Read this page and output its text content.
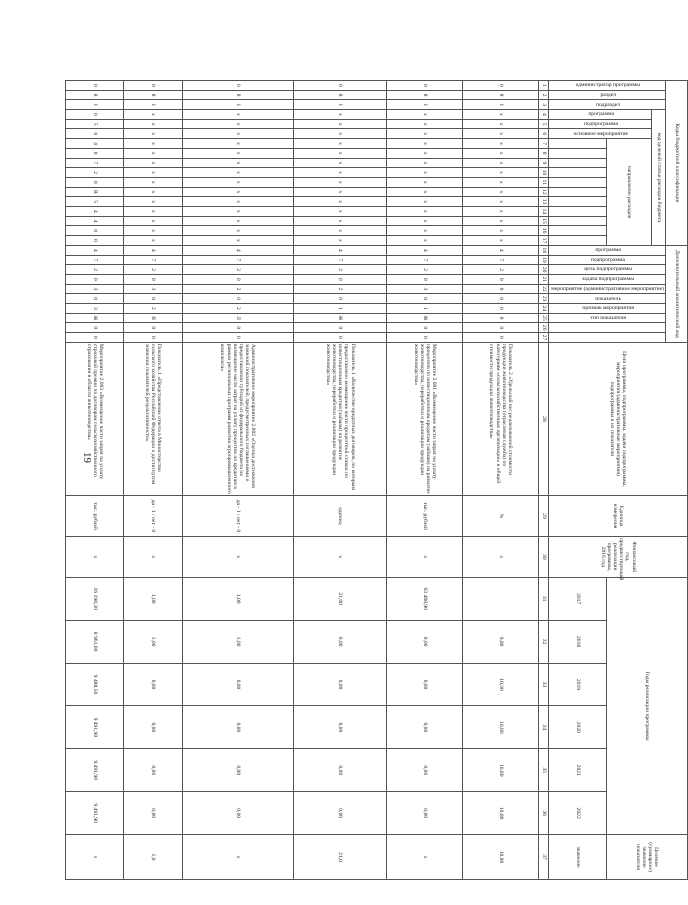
19
Коды бюджетной классификации																	Дополнительный аналитический код										Цели программы, подпрограммы, задачи подпрограммы, мероприятия (административные мероприятия) подпрограммы и их показатели	Единица измерения	Финансовый год, предшествующий реализации программы, 2016 год	Годы реализации программы						Целевое (суммарное) значение показателя
администратор программы	раздел	подраздел	код целевой статьи расходов бюджета														программа	подпрограмма	цель подпрограммы	задача подпрограммы	мероприятие (административное мероприятие)	показатель	признак мероприятия	тип показателя												
			программа	подпрограмма	основное мероприятие	направление расходов																														
																														2017	2018	2019	2020	2021	2022	значение
1	2	3	4	5	6	7	8	9	10	11	12	13	14	15	16	17	18	19	20	21	22	23	24	25	26	27	28	29	30	31	32	33	34	35	36	37
0	8	1	x	x	x	x	x	x	x	x	x	x	x	x	x	x	4	7	2	0	0	0	0	0	0	0	Показатель 2 «Удельный вес реализованной стоимости продукции животноводства (отраслевая служба) по категориям «сельскохозяйственные организации» в общей стоимости продукции животноводства»	%	x		9,80	10,30	10,80	10,80	10,80	10,80
0	8	1	x	x	x	x	x	x	x	x	x	x	x	x	x	x	4	7	2	0	3	0	1	Ж	0	0	Мероприятие 2.001 «Возмещение части затрат на уплату процентов по инвестиционным кредитам (займам) на развитие животноводства, переработки и реализации продукции животноводства»	тыс. рублей	x	63 488,90	0,00	0,00	0,00	0,00	0,00	x
0	8	1	x	x	x	x	x	x	x	x	x	x	x	x	x	x	4	7	2	0	2	0	1	Ж	0	0	Показатель 1 «Количество кредитных договоров, по которым предоставлено возмещение части процентной ставки по инвестиционным кредитам (займам) на развитие животноводства, переработки и реализации продукции животноводства»	единиц	x	21,00	0,00	0,00	0,00	0,00	0,00	21,0
0	8	1	x	x	x	x	x	x	x	x	x	x	x	x	x	x	4	7	2	0	2	0	2	Л	0	0	Административное мероприятие 2.002 «Оценка достижения значений показателей, предусмотренных соглашениями о предоставлении субсидий из федерального бюджета на возмещение части затрат на уплату процентов по кредитам в рамках региональных программ развития агропромышленного комплекса»	да - 1 / нет - 0	x	1,00	1,00	0,00	0,00	0,00	0,00	x
0	8	1	x	x	x	x	x	x	x	x	x	x	x	x	x	x	4	7	2	0	3	0	2	Я	0	0	Показатель 1 «Представление отчета в Министерство сельского хозяйства Российской Федерации о достигнутом значении показателей результативности»	да - 1 / нет - 0	x	1,00	1,00	0,00	0,00	0,00	0,00	1,0
0	8	1	0	5	0	4	0	7	2	0	R	5	4	4	0	0	4	7	2	0	3	0	3	Ж	0	0	Мероприятие 2.003 «Возмещение части затрат на уплату страховой премии по договорам сельскохозяйственного страхования в области животноводства»	тыс. рублей	x	16 198,30	8 961,00	9 488,50	9 491,90	9 491,90	9 491,90	x
